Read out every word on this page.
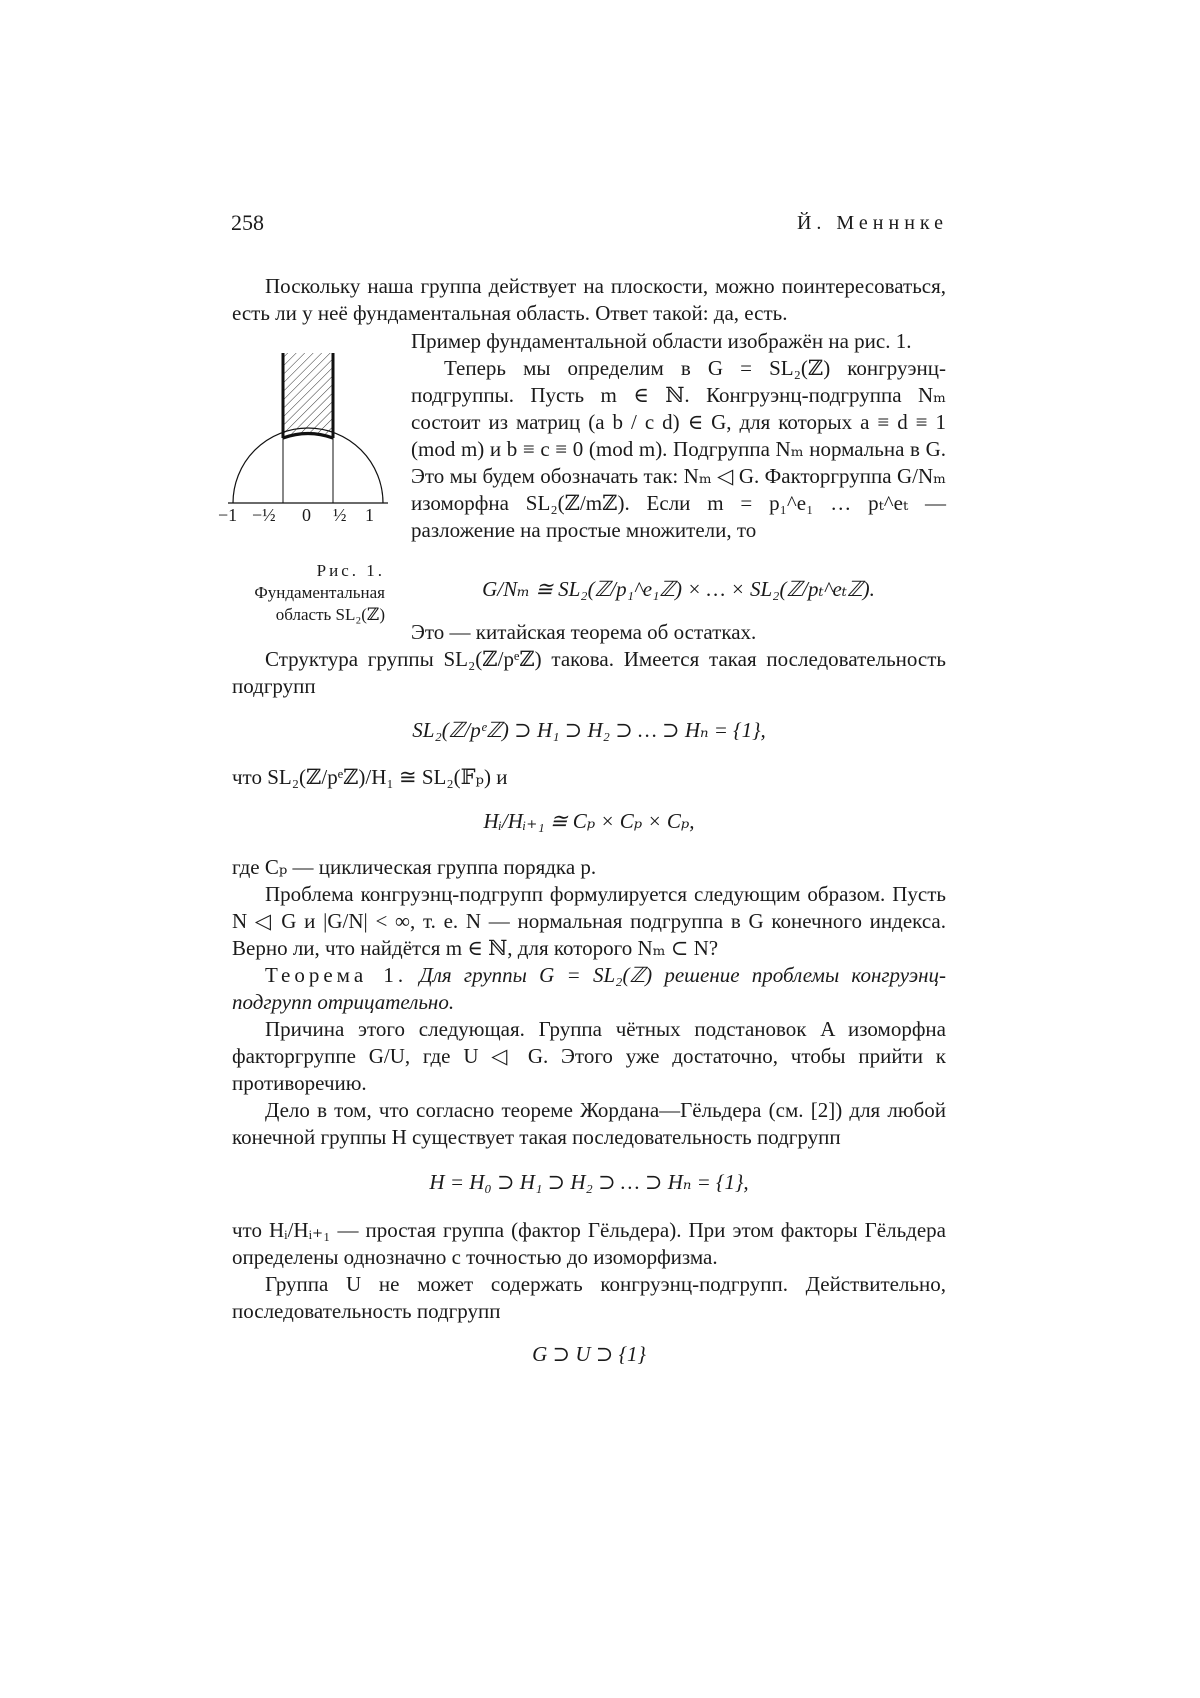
258	Й. Менннке

Поскольку наша группа действует на плоскости, можно поинтересоваться, есть ли у неё фундаментальная область. Ответ такой: да, есть.

−1 −½ 0 ½ 1
Рис. 1.
Фундаментальная
область SL₂(ℤ)

Пример фундаментальной области изображён на рис. 1.

Теперь мы определим в G = SL₂(ℤ) конгруэнц-подгруппы. Пусть m ∈ ℕ. Конгруэнц-подгруппа Nₘ состоит из матриц (a b / c d) ∈ G, для которых a ≡ d ≡ 1 (mod m) и b ≡ c ≡ 0 (mod m). Подгруппа Nₘ нормальна в G. Это мы будем обозначать так: Nₘ ◁ G. Факторгруппа G/Nₘ изоморфна SL₂(ℤ/mℤ). Если m = p₁^e₁ … pₜ^eₜ — разложение на простые множители, то

G/Nₘ ≅ SL₂(ℤ/p₁^e₁ℤ) × … × SL₂(ℤ/pₜ^eₜℤ).

Это — китайская теорема об остатках.

Структура группы SL₂(ℤ/pᵉℤ) такова. Имеется такая последовательность подгрупп

SL₂(ℤ/pᵉℤ) ⊃ H₁ ⊃ H₂ ⊃ … ⊃ Hₙ = {1},

что SL₂(ℤ/pᵉℤ)/H₁ ≅ SL₂(𝔽ₚ) и

Hᵢ/Hᵢ₊₁ ≅ Cₚ × Cₚ × Cₚ,

где Cₚ — циклическая группа порядка p.

Проблема конгруэнц-подгрупп формулируется следующим образом. Пусть N ◁ G и |G/N| < ∞, т. е. N — нормальная подгруппа в G конечного индекса. Верно ли, что найдётся m ∈ ℕ, для которого Nₘ ⊂ N?

Теорема 1. Для группы G = SL₂(ℤ) решение проблемы конгруэнц-подгрупп отрицательно.

Причина этого следующая. Группа чётных подстановок A изоморфна факторгруппе G/U, где U ◁ G. Этого уже достаточно, чтобы прийти к противоречию.

Дело в том, что согласно теореме Жордана—Гёльдера (см. [2]) для любой конечной группы H существует такая последовательность подгрупп

H = H₀ ⊃ H₁ ⊃ H₂ ⊃ … ⊃ Hₙ = {1},

что Hᵢ/Hᵢ₊₁ — простая группа (фактор Гёльдера). При этом факторы Гёльдера определены однозначно с точностью до изоморфизма.

Группа U не может содержать конгруэнц-подгрупп. Действительно, последовательность подгрупп

G ⊃ U ⊃ {1}
